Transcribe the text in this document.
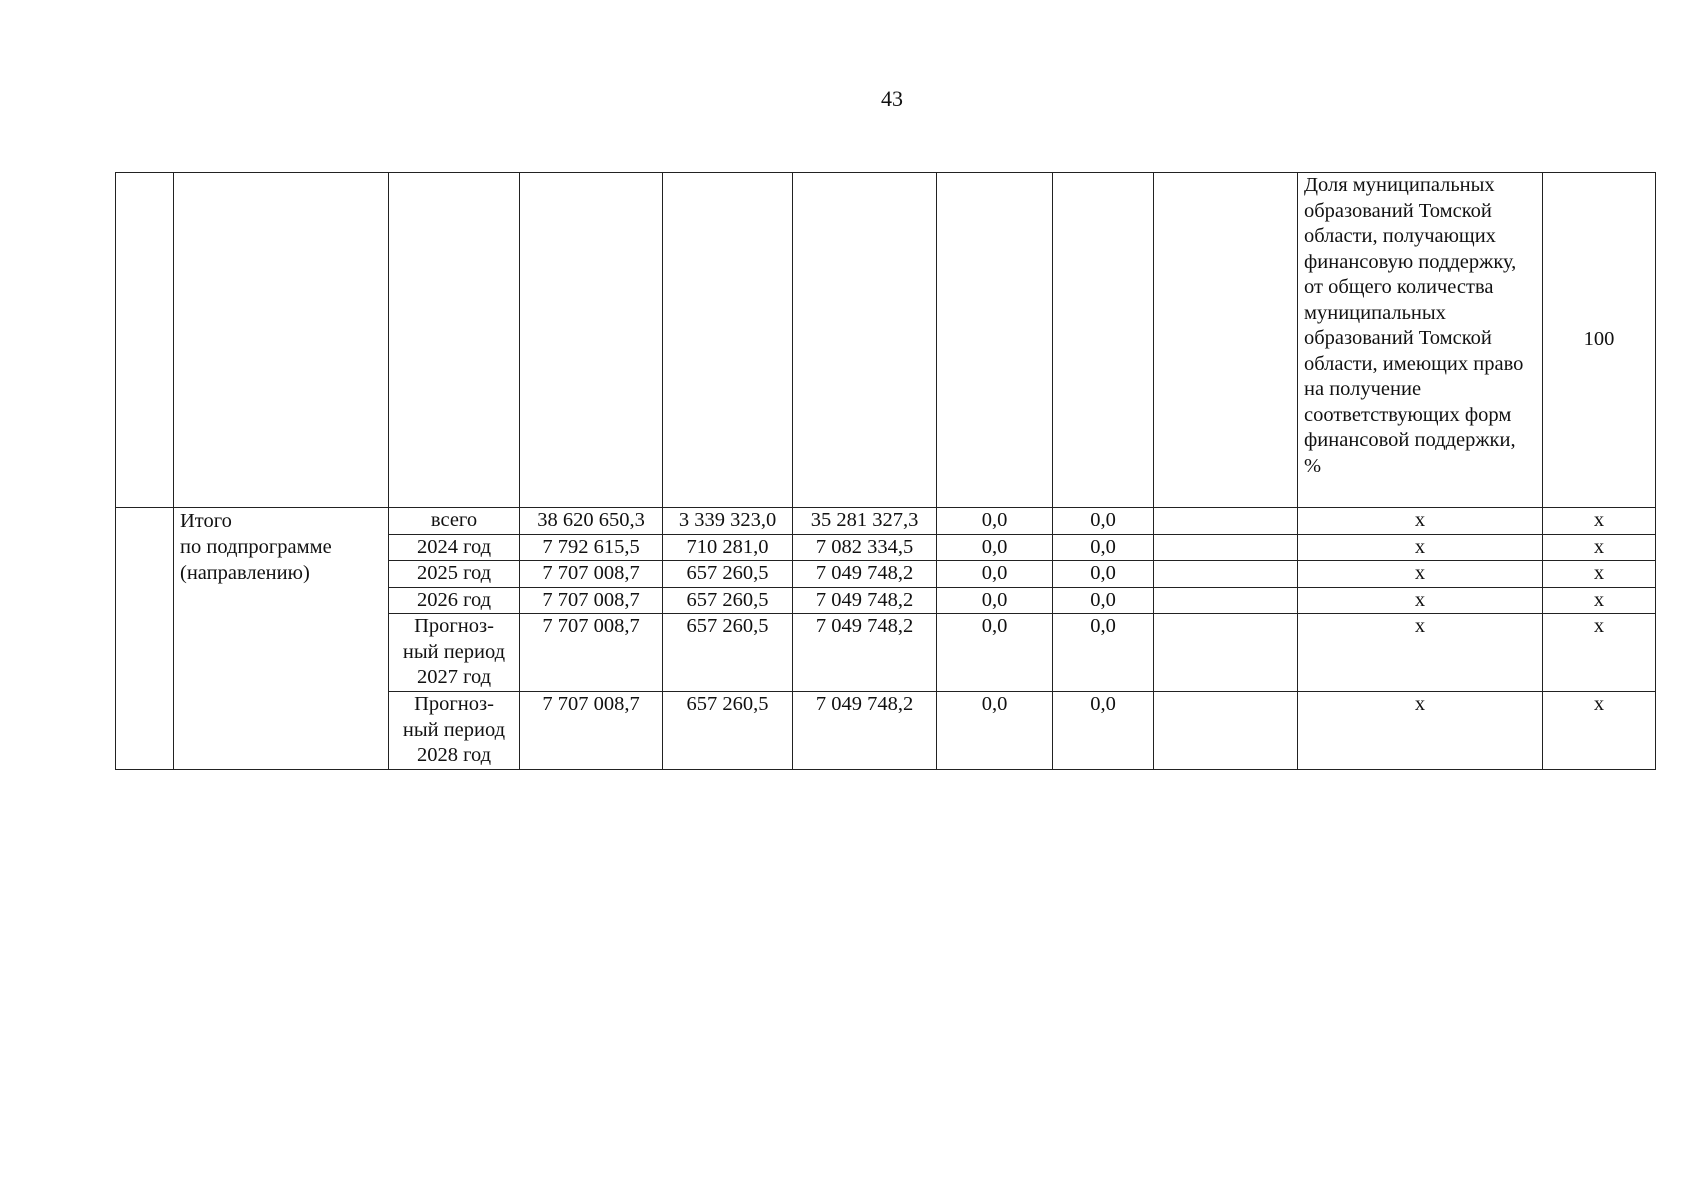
43
									Доля муниципальных образований Томской области, получающих финансовую поддержку, от общего количества муниципальных образований Томской области, имеющих право на получение соответствующих форм финансовой поддержки, %	100

	Итого
по подпрограмме
(направлению)	всего	38 620 650,3	3 339 323,0	35 281 327,3	0,0	0,0		х	х
		2024 год	7 792 615,5	710 281,0	7 082 334,5	0,0	0,0		х	х
		2025 год	7 707 008,7	657 260,5	7 049 748,2	0,0	0,0		х	х
		2026 год	7 707 008,7	657 260,5	7 049 748,2	0,0	0,0		х	х

		Прогноз-
ный период
2027 год	7 707 008,7	657 260,5	7 049 748,2	0,0	0,0		х	х

		Прогноз-
ный период
2028 год	7 707 008,7	657 260,5	7 049 748,2	0,0	0,0		х	х
